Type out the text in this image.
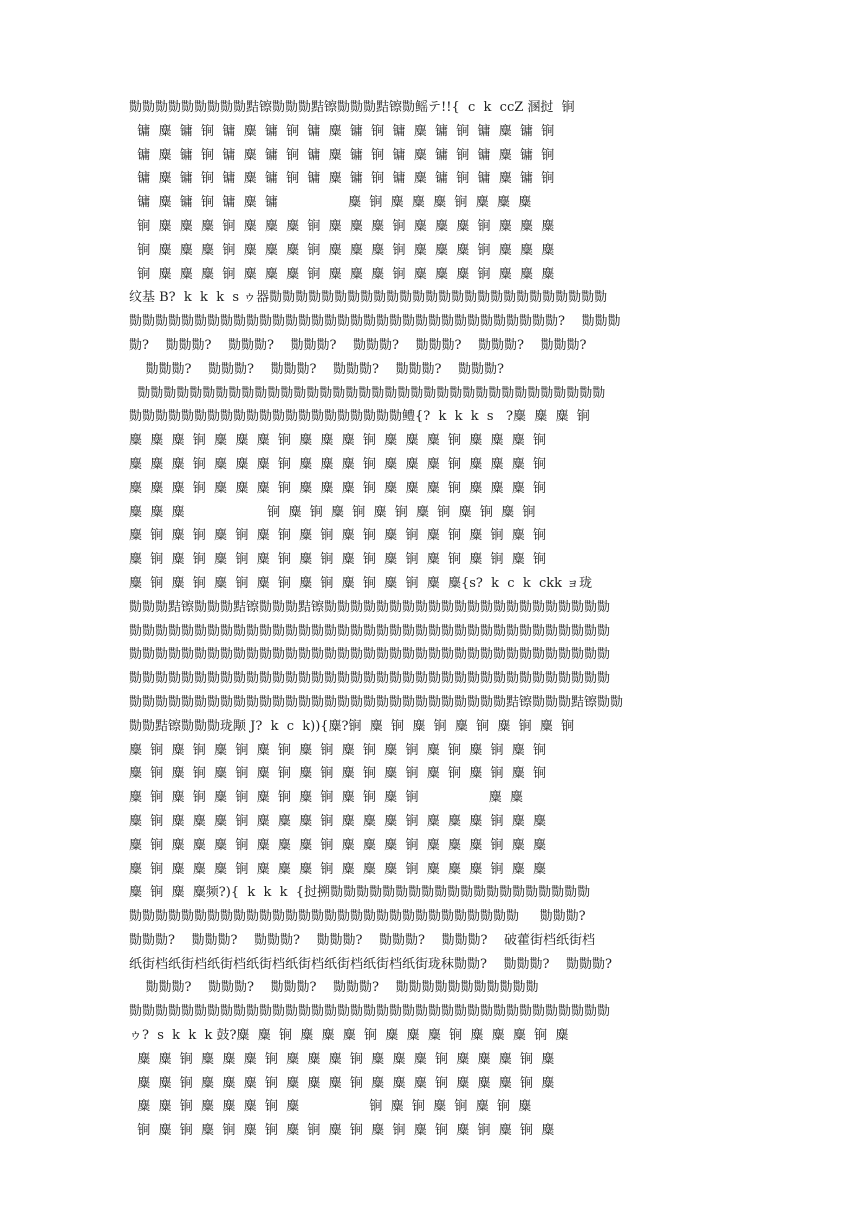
勚勚勚勚勚勚勚勚勚黠镲勚勚勚黠镲勚勚勚黠镲勚鳐テ!!{  c  k  ccZ 溷挝  锏
镛  麋  镛  锏  镛  麋  镛  锏  镛  麋  镛  锏  镛  麋  镛  锏  镛  麋  镛  锏
镛  麋  镛  锏  镛  麋  镛  锏  镛  麋  镛  锏  镛  麋  镛  锏  镛  麋  镛  锏
镛  麋  镛  锏  镛  麋  镛  锏  镛  麋  镛  锏  镛  麋  镛  锏  镛  麋  镛  锏
镛  麋  镛  锏  镛  麋  镛                 麋  锏  麋  麋  麋  锏  麋  麋  麋
锏  麋  麋  麋  锏  麋  麋  麋  锏  麋  麋  麋  锏  麋  麋  麋  锏  麋  麋  麋
锏  麋  麋  麋  锏  麋  麋  麋  锏  麋  麋  麋  锏  麋  麋  麋  锏  麋  麋  麋
锏  麋  麋  麋  锏  麋  麋  麋  锏  麋  麋  麋  锏  麋  麋  麋  锏  麋  麋  麋
纹基 B?  k  k  k  s ゥ器勚勚勚勚勚勚勚勚勚勚勚勚勚勚勚勚勚勚勚勚勚勚勚勚勚勚
勚勚勚勚勚勚勚勚勚勚勚勚勚勚勚勚勚勚勚勚勚勚勚勚勚勚勚勚勚勚勚勚勚?    勚勚勚
勚?    勚勚勚?    勚勚勚?    勚勚勚?    勚勚勚?    勚勚勚?    勚勚勚?    勚勚勚?
勚勚勚?    勚勚勚?    勚勚勚?    勚勚勚?    勚勚勚?    勚勚勚?
勚勚勚勚勚勚勚勚勚勚勚勚勚勚勚勚勚勚勚勚勚勚勚勚勚勚勚勚勚勚勚勚勚勚勚勚
勚勚勚勚勚勚勚勚勚勚勚勚勚勚勚勚勚勚勚勚勚鳢{?  k  k  k  s   ?麋  麋  麋  锏
麋  麋  麋  锏  麋  麋  麋  锏  麋  麋  麋  锏  麋  麋  麋  锏  麋  麋  麋  锏
麋  麋  麋  锏  麋  麋  麋  锏  麋  麋  麋  锏  麋  麋  麋  锏  麋  麋  麋  锏
麋  麋  麋  锏  麋  麋  麋  锏  麋  麋  麋  锏  麋  麋  麋  锏  麋  麋  麋  锏
麋  麋  麋                    锏  麋  锏  麋  锏  麋  锏  麋  锏  麋  锏  麋  锏
麋  锏  麋  锏  麋  锏  麋  锏  麋  锏  麋  锏  麋  锏  麋  锏  麋  锏  麋  锏
麋  锏  麋  锏  麋  锏  麋  锏  麋  锏  麋  锏  麋  锏  麋  锏  麋  锏  麋  锏
麋  锏  麋  锏  麋  锏  麋  锏  麋  锏  麋  锏  麋  锏  麋  麋{s?  k  c  k  ckk ョ珑
勚勚勚黠镲勚勚勚黠镲勚勚勚黠镲勚勚勚勚勚勚勚勚勚勚勚勚勚勚勚勚勚勚勚勚勚勚
勚勚勚勚勚勚勚勚勚勚勚勚勚勚勚勚勚勚勚勚勚勚勚勚勚勚勚勚勚勚勚勚勚勚勚勚勚
勚勚勚勚勚勚勚勚勚勚勚勚勚勚勚勚勚勚勚勚勚勚勚勚勚勚勚勚勚勚勚勚勚勚勚勚勚
勚勚勚勚勚勚勚勚勚勚勚勚勚勚勚勚勚勚勚勚勚勚勚勚勚勚勚勚勚勚勚勚勚勚勚勚勚
勚勚勚勚勚勚勚勚勚勚勚勚勚勚勚勚勚勚勚勚勚勚勚勚勚勚勚勚勚黠镲勚勚勚黠镲勚勚
勚勚黠镲勚勚勚珑颙 J?  k  c  k)){麋?锏  麋  锏  麋  锏  麋  锏  麋  锏  麋  锏
麋  锏  麋  锏  麋  锏  麋  锏  麋  锏  麋  锏  麋  锏  麋  锏  麋  锏  麋  锏
麋  锏  麋  锏  麋  锏  麋  锏  麋  锏  麋  锏  麋  锏  麋  锏  麋  锏  麋  锏
麋  锏  麋  锏  麋  锏  麋  锏  麋  锏  麋  锏  麋  锏                 麋  麋
麋  锏  麋  麋  麋  锏  麋  麋  麋  锏  麋  麋  麋  锏  麋  麋  麋  锏  麋  麋
麋  锏  麋  麋  麋  锏  麋  麋  麋  锏  麋  麋  麋  锏  麋  麋  麋  锏  麋  麋
麋  锏  麋  麋  麋  锏  麋  麋  麋  锏  麋  麋  麋  锏  麋  麋  麋  锏  麋  麋
麋  锏  麋  麋频?){  k  k  k  {挝搠勚勚勚勚勚勚勚勚勚勚勚勚勚勚勚勚勚勚勚勚
勚勚勚勚勚勚勚勚勚勚勚勚勚勚勚勚勚勚勚勚勚勚勚勚勚勚勚勚勚勚     勚勚勚?
勚勚勚?    勚勚勚?    勚勚勚?    勚勚勚?    勚勚勚?    勚勚勚?    破藿街档纸街档
纸街档纸街档纸街档纸街档纸街档纸街档纸街档纸街珑秣勚勚?    勚勚勚?    勚勚勚?
勚勚勚?    勚勚勚?    勚勚勚?    勚勚勚?    勚勚勚勚勚勚勚勚勚勚勚
勚勚勚勚勚勚勚勚勚勚勚勚勚勚勚勚勚勚勚勚勚勚勚勚勚勚勚勚勚勚勚勚勚勚勚勚勚
ゥ?  s  k  k  k 鼓?麋  麋  锏  麋  麋  麋  锏  麋  麋  麋  锏  麋  麋  麋  锏  麋
麋  麋  锏  麋  麋  麋  锏  麋  麋  麋  锏  麋  麋  麋  锏  麋  麋  麋  锏  麋
麋  麋  锏  麋  麋  麋  锏  麋  麋  麋  锏  麋  麋  麋  锏  麋  麋  麋  锏  麋
麋  麋  锏  麋  麋  麋  锏  麋                 锏  麋  锏  麋  锏  麋  锏  麋
锏  麋  锏  麋  锏  麋  锏  麋  锏  麋  锏  麋  锏  麋  锏  麋  锏  麋  锏  麋
